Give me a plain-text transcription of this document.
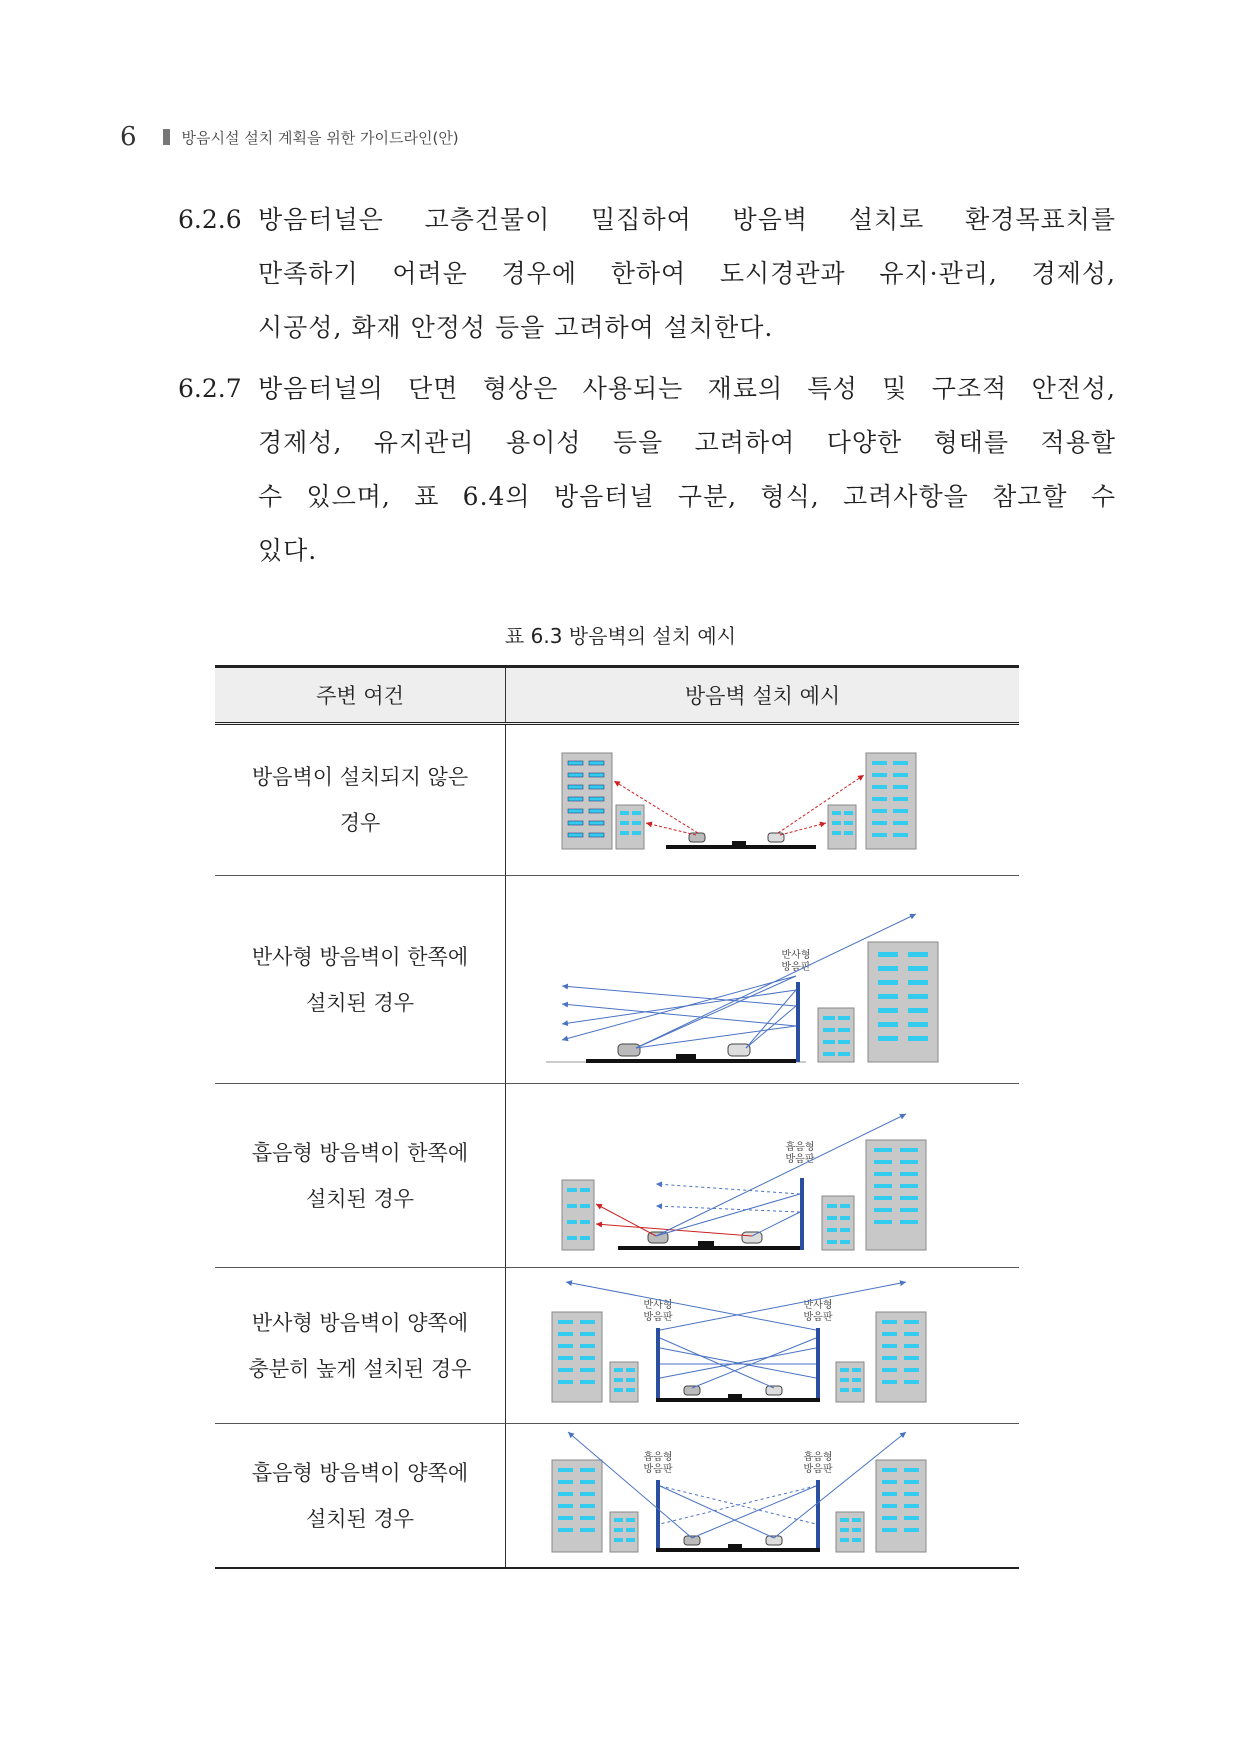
6	방음시설 설치 계획을 위한 가이드라인(안)
6.2.6 방음터널은 고층건물이 밀집하여 방음벽 설치로 환경목표치를

만족하기 어려운 경우에 한하여 도시경관과 유지·관리, 경제성,

시공성, 화재 안정성 등을 고려하여 설치한다.

6.2.7 방음터널의 단면 형상은 사용되는 재료의 특성 및 구조적 안전성,

경제성, 유지관리 용이성 등을 고려하여 다양한 형태를 적용할

수 있으며, 표 6.4의 방음터널 구분, 형식, 고려사항을 참고할 수

있다.

표 6.3 방음벽의 설치 예시
주변 여건	방음벽 설치 예시

방음벽이 설치되지 않은
경우

반사형 방음벽이 한쪽에
설치된 경우	반사형 방음판

흡음형 방음벽이 한쪽에
설치된 경우	흡음형 방음판

반사형 방음벽이 양쪽에
충분히 높게 설치된 경우	반사형 방음판
반사형 방음판

흡음형 방음벽이 양쪽에
설치된 경우	흡음형 방음판
흡음형 방음판
